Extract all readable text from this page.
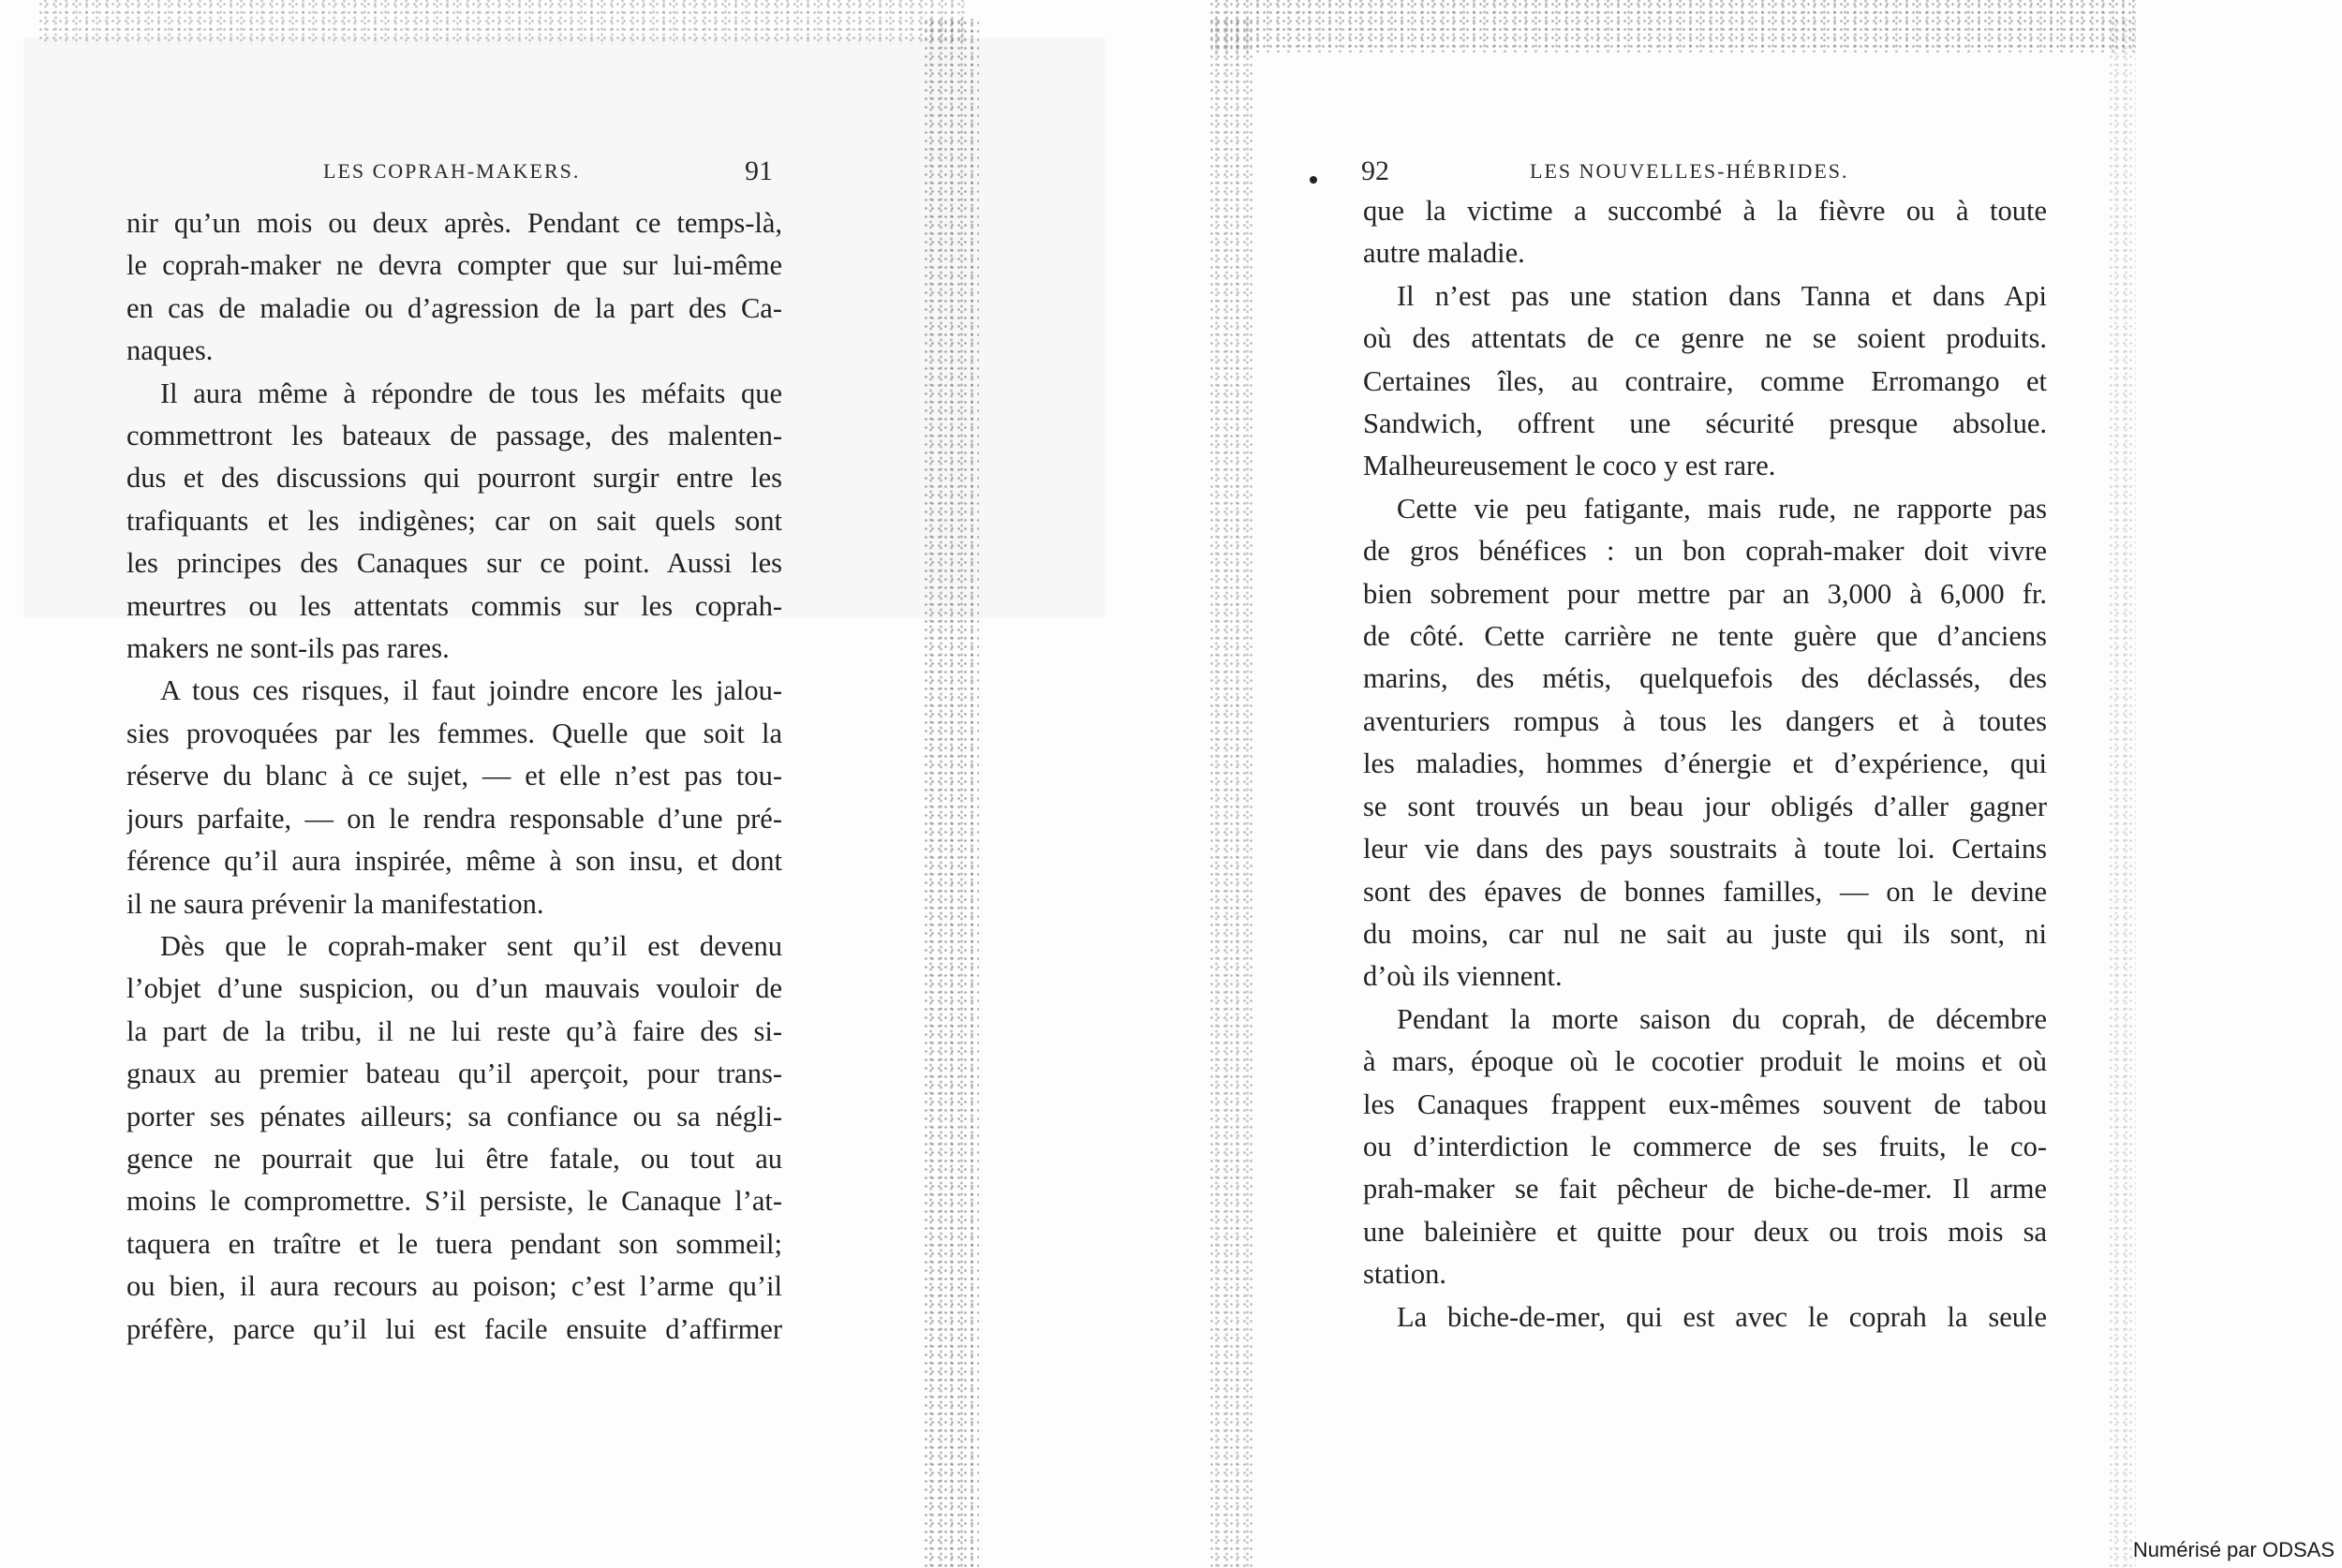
LES COPRAH-MAKERS.	91
nir qu’un mois ou deux après. Pendant ce temps-là,
le coprah-maker ne devra compter que sur lui-même
en cas de maladie ou d’agression de la part des Ca-
naques.
Il aura même à répondre de tous les méfaits que
commettront les bateaux de passage, des malenten-
dus et des discussions qui pourront surgir entre les
trafiquants et les indigènes; car on sait quels sont
les principes des Canaques sur ce point. Aussi les
meurtres ou les attentats commis sur les coprah-
makers ne sont-ils pas rares.
A tous ces risques, il faut joindre encore les jalou-
sies provoquées par les femmes. Quelle que soit la
réserve du blanc à ce sujet, — et elle n’est pas tou-
jours parfaite, — on le rendra responsable d’une pré-
férence qu’il aura inspirée, même à son insu, et dont
il ne saura prévenir la manifestation.
Dès que le coprah-maker sent qu’il est devenu
l’objet d’une suspicion, ou d’un mauvais vouloir de
la part de la tribu, il ne lui reste qu’à faire des si-
gnaux au premier bateau qu’il aperçoit, pour trans-
porter ses pénates ailleurs; sa confiance ou sa négli-
gence ne pourrait que lui être fatale, ou tout au
moins le compromettre. S’il persiste, le Canaque l’at-
taquera en traître et le tuera pendant son sommeil;
ou bien, il aura recours au poison; c’est l’arme qu’il
préfère, parce qu’il lui est facile ensuite d’affirmer
92	LES NOUVELLES-HÉBRIDES.
que la victime a succombé à la fièvre ou à toute
autre maladie.
Il n’est pas une station dans Tanna et dans Api
où des attentats de ce genre ne se soient produits.
Certaines îles, au contraire, comme Erromango et
Sandwich, offrent une sécurité presque absolue.
Malheureusement le coco y est rare.
Cette vie peu fatigante, mais rude, ne rapporte pas
de gros bénéfices : un bon coprah-maker doit vivre
bien sobrement pour mettre par an 3,000 à 6,000 fr.
de côté. Cette carrière ne tente guère que d’anciens
marins, des métis, quelquefois des déclassés, des
aventuriers rompus à tous les dangers et à toutes
les maladies, hommes d’énergie et d’expérience, qui
se sont trouvés un beau jour obligés d’aller gagner
leur vie dans des pays soustraits à toute loi. Certains
sont des épaves de bonnes familles, — on le devine
du moins, car nul ne sait au juste qui ils sont, ni
d’où ils viennent.
Pendant la morte saison du coprah, de décembre
à mars, époque où le cocotier produit le moins et où
les Canaques frappent eux-mêmes souvent de tabou
ou d’interdiction le commerce de ses fruits, le co-
prah-maker se fait pêcheur de biche-de-mer. Il arme
une baleinière et quitte pour deux ou trois mois sa
station.
La biche-de-mer, qui est avec le coprah la seule
Numérisé par ODSAS
